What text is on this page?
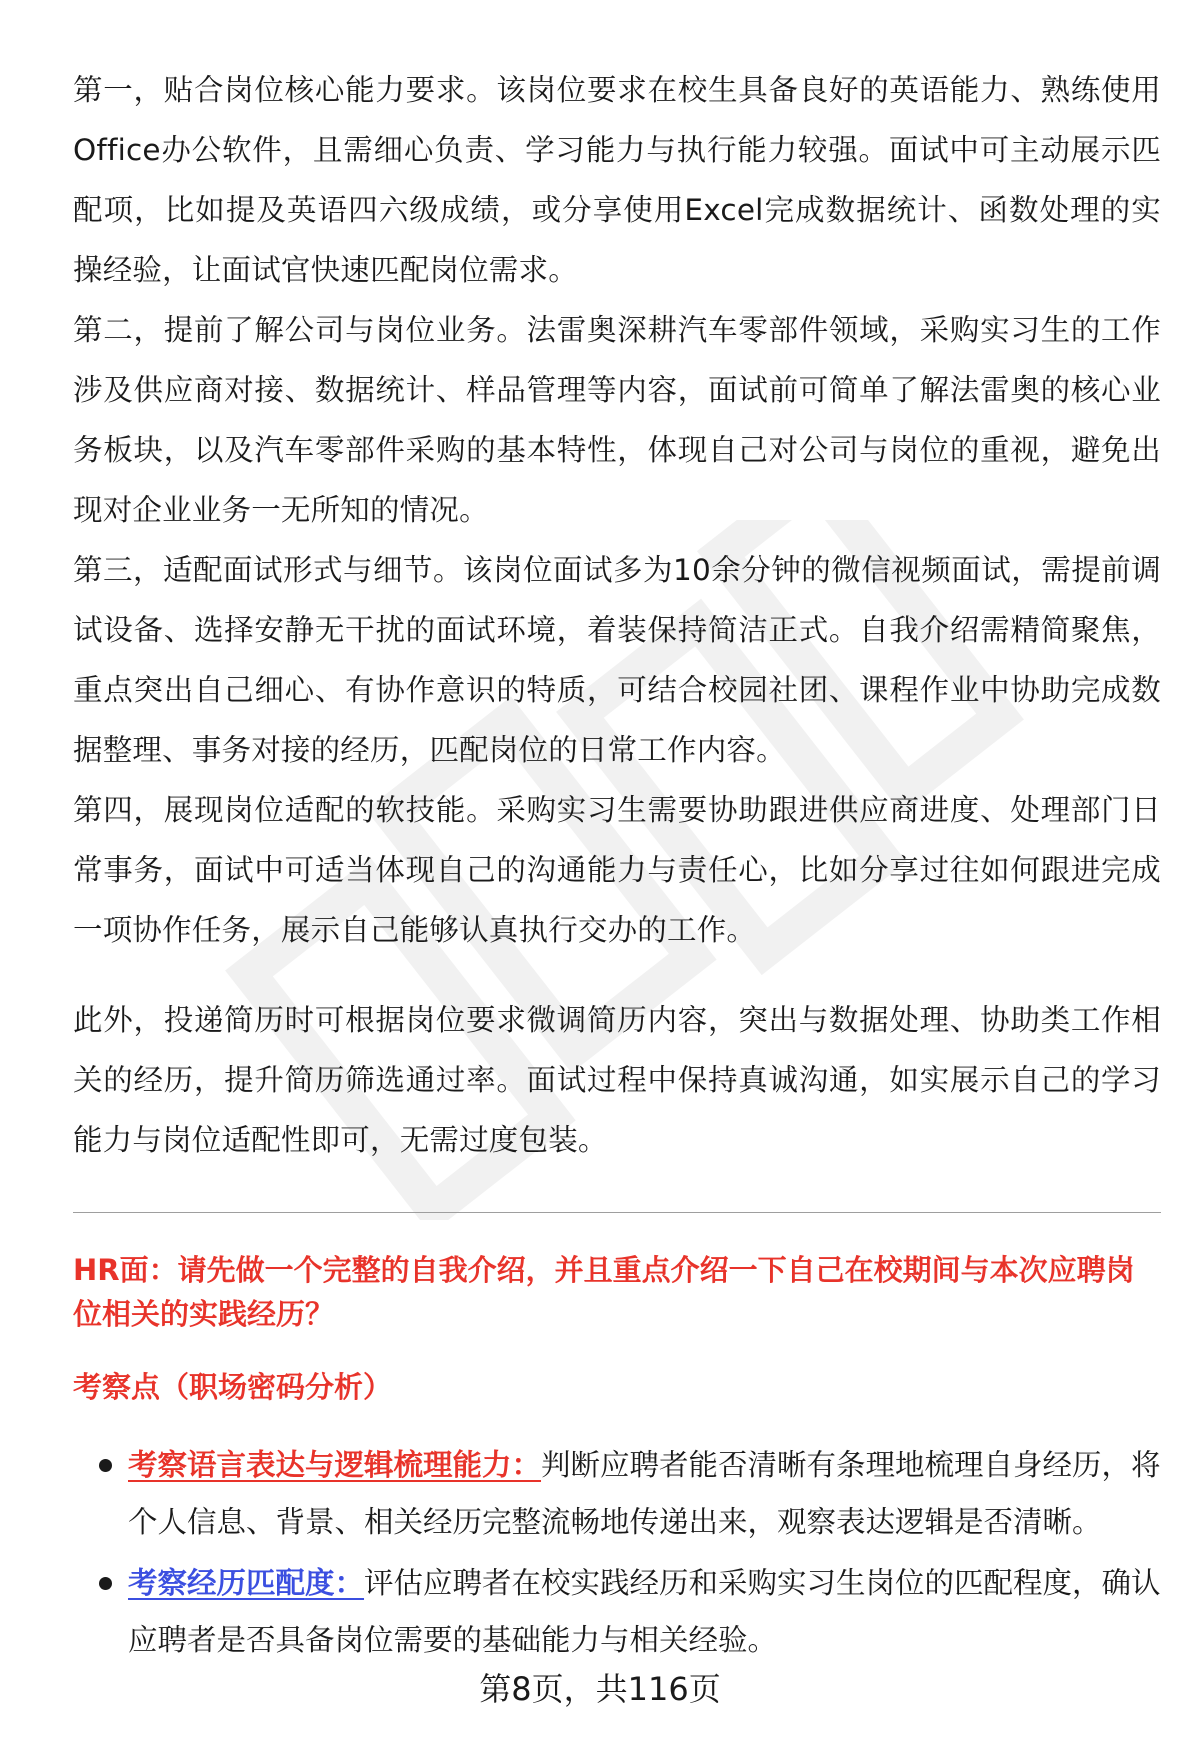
第一，贴合岗位核心能力要求。该岗位要求在校生具备良好的英语能力、熟练使用Office办公软件，且需细心负责、学习能力与执行能力较强。面试中可主动展示匹配项，比如提及英语四六级成绩，或分享使用Excel完成数据统计、函数处理的实操经验，让面试官快速匹配岗位需求。

第二，提前了解公司与岗位业务。法雷奥深耕汽车零部件领域，采购实习生的工作涉及供应商对接、数据统计、样品管理等内容，面试前可简单了解法雷奥的核心业务板块，以及汽车零部件采购的基本特性，体现自己对公司与岗位的重视，避免出现对企业业务一无所知的情况。

第三，适配面试形式与细节。该岗位面试多为10余分钟的微信视频面试，需提前调试设备、选择安静无干扰的面试环境，着装保持简洁正式。自我介绍需精简聚焦，重点突出自己细心、有协作意识的特质，可结合校园社团、课程作业中协助完成数据整理、事务对接的经历，匹配岗位的日常工作内容。

第四，展现岗位适配的软技能。采购实习生需要协助跟进供应商进度、处理部门日常事务，面试中可适当体现自己的沟通能力与责任心，比如分享过往如何跟进完成一项协作任务，展示自己能够认真执行交办的工作。

此外，投递简历时可根据岗位要求微调简历内容，突出与数据处理、协助类工作相关的经历，提升简历筛选通过率。面试过程中保持真诚沟通，如实展示自己的学习能力与岗位适配性即可，无需过度包装。

HR面：请先做一个完整的自我介绍，并且重点介绍一下自己在校期间与本次应聘岗位相关的实践经历？

考察点（职场密码分析）

考察语言表达与逻辑梳理能力：判断应聘者能否清晰有条理地梳理自身经历，将个人信息、背景、相关经历完整流畅地传递出来，观察表达逻辑是否清晰。
考察经历匹配度：评估应聘者在校实践经历和采购实习生岗位的匹配程度，确认应聘者是否具备岗位需要的基础能力与相关经验。
第8页，共116页
